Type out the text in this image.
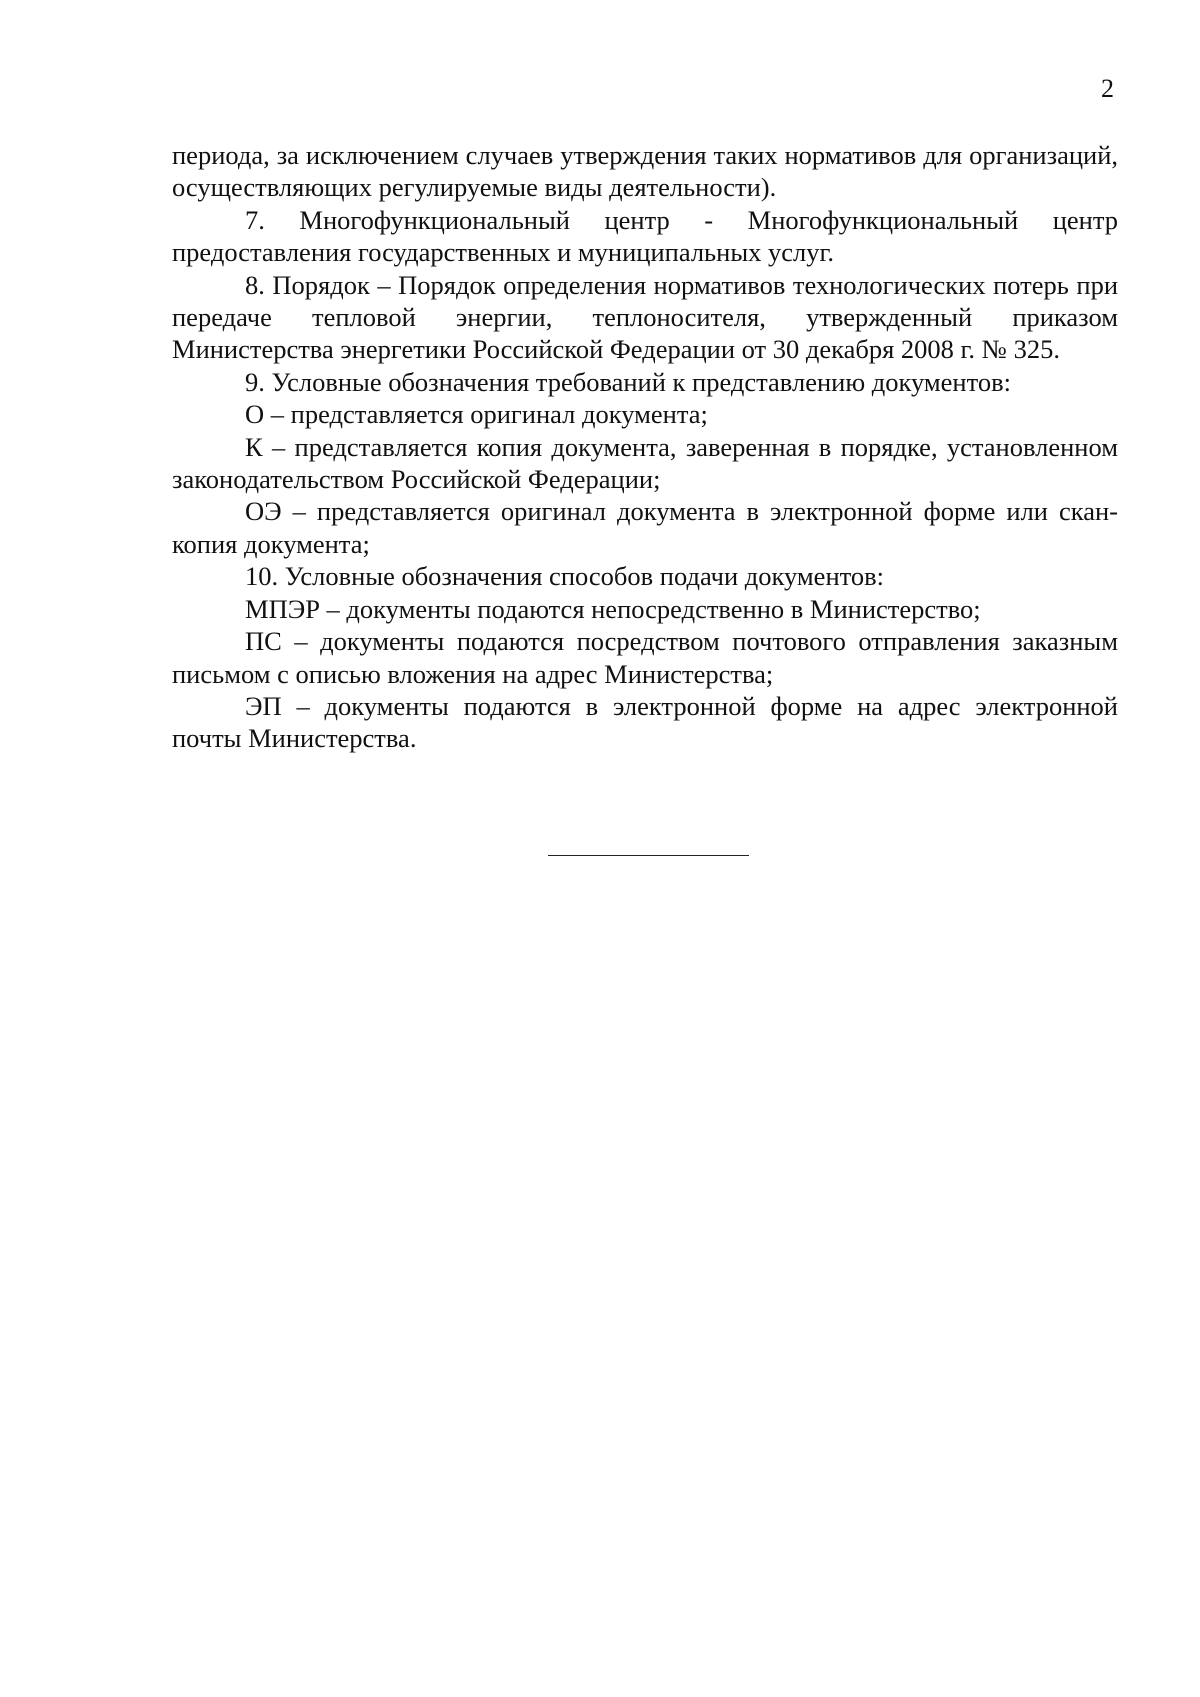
2

периода, за исключением случаев утверждения таких нормативов для организаций, осуществляющих регулируемые виды деятельности).

7. Многофункциональный центр - Многофункциональный центр предоставления государственных и муниципальных услуг.

8. Порядок – Порядок определения нормативов технологических потерь при передаче тепловой энергии, теплоносителя, утвержденный приказом Министерства энергетики Российской Федерации от 30 декабря 2008 г. № 325.

9. Условные обозначения требований к представлению документов:

О – представляется оригинал документа;

К – представляется копия документа, заверенная в порядке, установленном законодательством Российской Федерации;

ОЭ – представляется оригинал документа в электронной форме или скан-копия документа;

10. Условные обозначения способов подачи документов:

МПЭР – документы подаются непосредственно в Министерство;

ПС – документы подаются посредством почтового отправления заказным письмом с описью вложения на адрес Министерства;

ЭП – документы подаются в электронной форме на адрес электронной почты Министерства.
